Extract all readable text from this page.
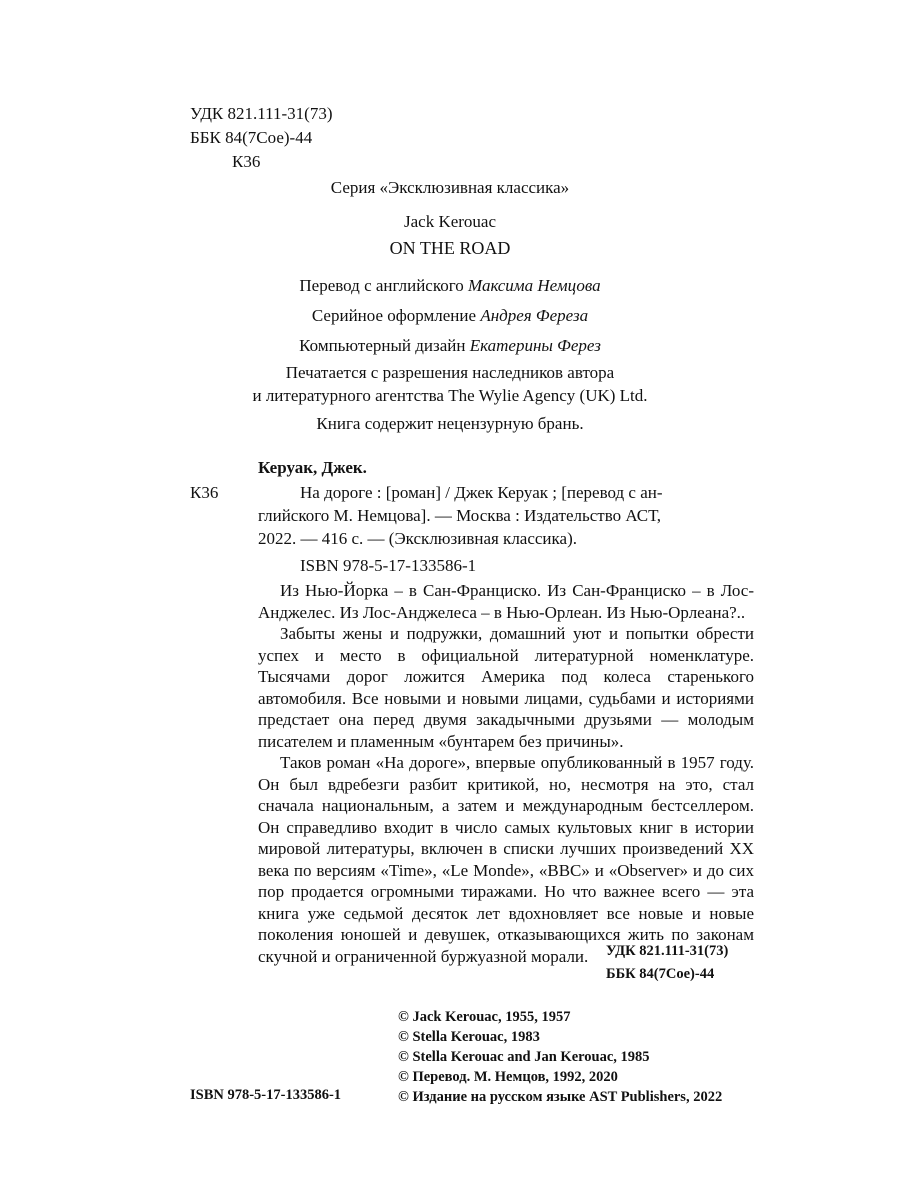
УДК 821.111-31(73)
ББК 84(7Сое)-44
К36
Серия «Эксклюзивная классика»
Jack Kerouac
ON THE ROAD
Перевод с английского Максима Немцова
Серийное оформление Андрея Фереза
Компьютерный дизайн Екатерины Ферез
Печатается с разрешения наследников автора
и литературного агентства The Wylie Agency (UK) Ltd.
Книга содержит нецензурную брань.
Керуак, Джек.
К36	На дороге : [роман] / Джек Керуак ; [перевод с ан-
глийского М. Немцова]. — Москва : Издательство АСТ,
2022. — 416 с. — (Эксклюзивная классика).
ISBN 978-5-17-133586-1

Из Нью-Йорка – в Сан-Франциско. Из Сан-Франциско – в Лос-Анджелес. Из Лос-Анджелеса – в Нью-Орлеан. Из Нью-Орлеана?..

Забыты жены и подружки, домашний уют и попытки обрести успех и место в официальной литературной номенклатуре. Тысячами дорог ложится Америка под колеса старенького автомобиля. Все новыми и новыми лицами, судьбами и историями предстает она перед двумя закадычными друзьями — молодым писателем и пламенным «бунтарем без причины».

Таков роман «На дороге», впервые опубликованный в 1957 году. Он был вдребезги разбит критикой, но, несмотря на это, стал сначала национальным, а затем и международным бестселлером. Он справедливо входит в число самых культовых книг в истории мировой литературы, включен в списки лучших произведений XX века по версиям «Time», «Le Monde», «BBC» и «Observer» и до сих пор продается огромными тиражами. Но что важнее всего — эта книга уже седьмой десяток лет вдохновляет все новые и новые поколения юношей и девушек, отказывающихся жить по законам скучной и ограниченной буржуазной морали.	УДК 821.111-31(73)
ББК 84(7Сое)-44
© Jack Kerouac, 1955, 1957
© Stella Kerouac, 1983
© Stella Kerouac and Jan Kerouac, 1985
© Перевод. М. Немцов, 1992, 2020
© Издание на русском языке AST Publishers, 2022
ISBN 978-5-17-133586-1
